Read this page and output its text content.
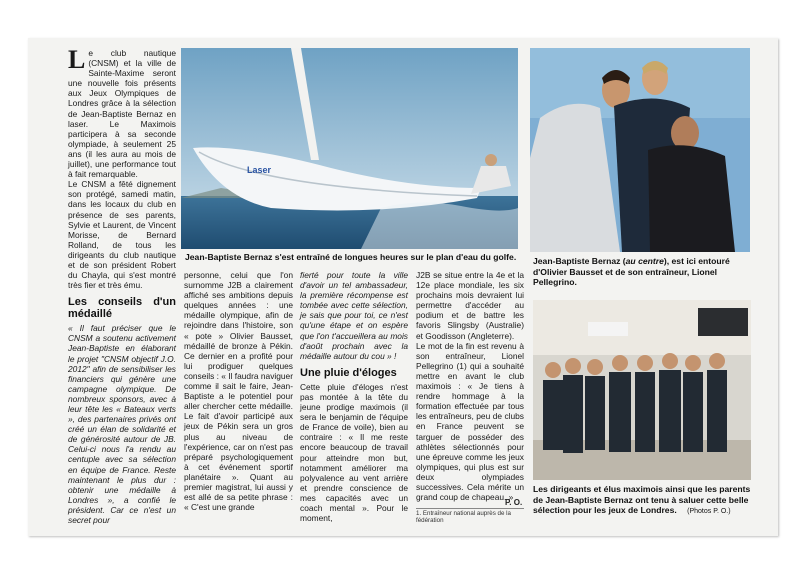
Le club nautique (CNSM) et la ville de Sainte-Maxime seront une nouvelle fois présents aux Jeux Olympiques de Londres grâce à la sélection de Jean-Baptiste Bernaz en laser. Le Maximois participera à sa seconde olympiade, à seulement 25 ans (il les aura au mois de juillet), une performance tout à fait remarquable.

Le CNSM a fêté dignement son protégé, samedi matin, dans les locaux du club en présence de ses parents, Sylvie et Laurent, de Vincent Morisse, de Bernard Rolland, de tous les dirigeants du club nautique et de son président Robert du Chayla, qui s'est montré très fier et très ému.

Les conseils d'un médaillé

« Il faut préciser que le CNSM a soutenu activement Jean-Baptiste en élaborant le projet "CNSM objectif J.O. 2012" afin de sensibiliser les financiers qui génère une campagne olympique. De nombreux sponsors, avec à leur tête les « Bateaux verts », des partenaires privés ont créé un élan de solidarité et de générosité autour de JB. Celui-ci nous l'a rendu au centuple avec sa sélection en équipe de France. Reste maintenant le plus dur : obtenir une médaille à Londres », a confié le président. Car ce n'est un secret pour

Laser
Jean-Baptiste Bernaz s'est entraîné de longues heures sur le plan d'eau du golfe.

personne, celui que l'on surnomme J2B a clairement affiché ses ambitions depuis quelques années : une médaille olympique, afin de rejoindre dans l'histoire, son « pote » Olivier Bausset, médaillé de bronze à Pékin. Ce dernier en a profité pour lui prodiguer quelques conseils : « Il faudra naviguer comme il sait le faire, Jean-Baptiste a le potentiel pour aller chercher cette médaille. Le fait d'avoir participé aux jeux de Pékin sera un gros plus au niveau de l'expérience, car on n'est pas préparé psychologiquement à cet événement sportif planétaire ». Quant au premier magistrat, lui aussi y est allé de sa petite phrase : « C'est une grande

fierté pour toute la ville d'avoir un tel ambassadeur, la première récompense est tombée avec cette sélection, je sais que pour toi, ce n'est qu'une étape et on espère que l'on t'accueillera au mois d'août prochain avec la médaille autour du cou » !

Une pluie d'éloges

Cette pluie d'éloges n'est pas montée à la tête du jeune prodige maximois (il sera le benjamin de l'équipe de France de voile), bien au contraire : « Il me reste encore beaucoup de travail pour atteindre mon but, notamment améliorer ma polyvalence au vent arrière et prendre conscience de mes capacités avec un coach mental ». Pour le moment,

J2B se situe entre la 4e et la 12e place mondiale, les six prochains mois devraient lui permettre d'accéder au podium et de battre les favoris Slingsby (Australie) et Goodisson (Angleterre).

Le mot de la fin est revenu à son entraîneur, Lionel Pellegrino (1) qui a souhaité mettre en avant le club maximois : « Je tiens à rendre hommage à la formation effectuée par tous les entraîneurs, peu de clubs en France peuvent se targuer de posséder des athlètes sélectionnés pour une épreuve comme les jeux olympiques, qui plus est sur deux olympiades successives. Cela mérite un grand coup de chapeau. »

P. O.
1. Entraîneur national auprès de la fédération
Jean-Baptiste Bernaz (au centre), est ici entouré d'Olivier Bausset et de son entraîneur, Lionel Pellegrino.
Les dirigeants et élus maximois ainsi que les parents de Jean-Baptiste Bernaz ont tenu à saluer cette belle sélection pour les jeux de Londres. (Photos P. O.)
